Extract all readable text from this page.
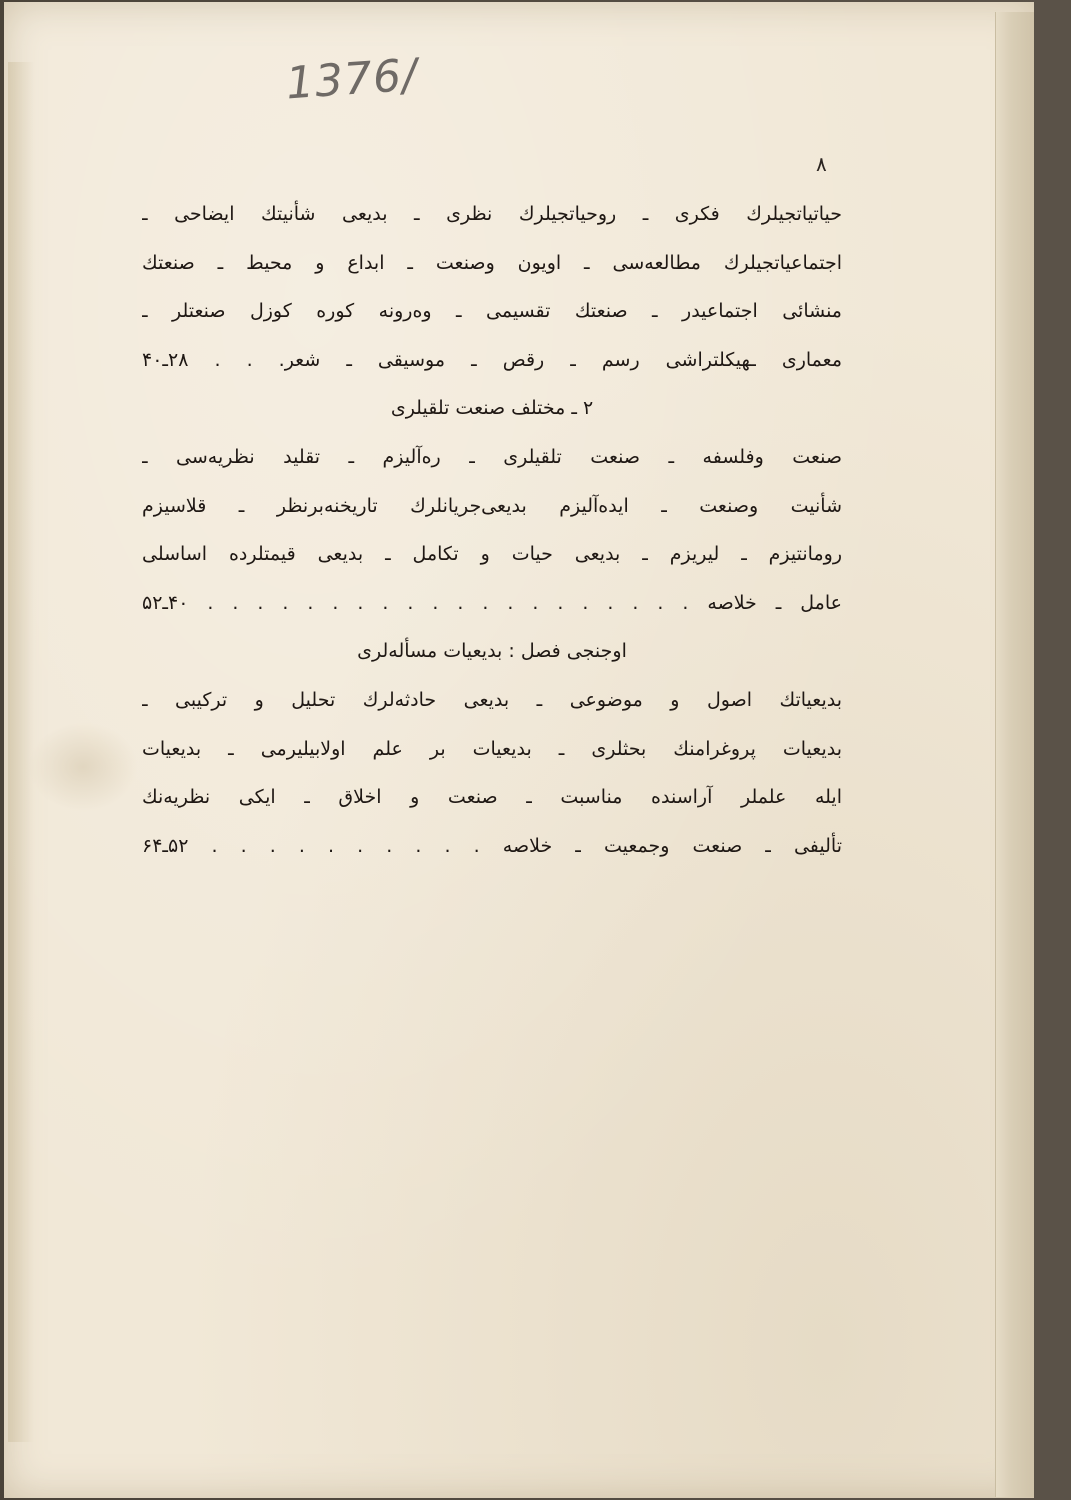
1376/
٨
حیاتیاتجیلرك فکری ـ روحیاتجیلرك نظری ـ بدیعی شأنیتك ایضاحی ـ
اجتماعیاتجیلرك مطالعه‌سی ـ اویون وصنعت ـ ابداع و محیط ـ صنعتك
منشائی اجتماعیدر ـ صنعتك تقسیمی ـ وه‌رونه کوره کوزل صنعتلر ـ
معماری ـهیکلتراشی رسم ـ رقص ـ موسیقی ـ شعر. . . ۲۸ـ۴۰
۲ ـ مختلف صنعت تلقیلری
صنعت وفلسفه ـ صنعت تلقیلری ـ ره‌آلیزم ـ تقلید نظریه‌سی ـ
شأنیت وصنعت ـ ایده‌آلیزم بدیعی‌جریانلرك تاریخنه‌برنظر ـ قلاسیزم
رومانتیزم ـ لیریزم ـ بدیعی حیات و تکامل ـ بدیعی قیمتلرده اساسلی
عامل ـ خلاصه . . . . . . . . . . . . . . . . . . . . ۴۰ـ۵۲
اوجنجی فصل : بدیعیات مسأله‌لری
بدیعیاتك اصول و موضوعی ـ بدیعی حادثه‌لرك تحلیل و ترکیبی ـ
بدیعیات پروغرامنك بحثلری ـ بدیعیات بر علم اولابیلیرمی ـ بدیعیات
ایله علملر آراسنده مناسبت ـ صنعت و اخلاق ـ ایکی نظریه‌نك
تألیفی ـ صنعت وجمعیت ـ خلاصه . . . . . . . . . . ۵۲ـ۶۴
